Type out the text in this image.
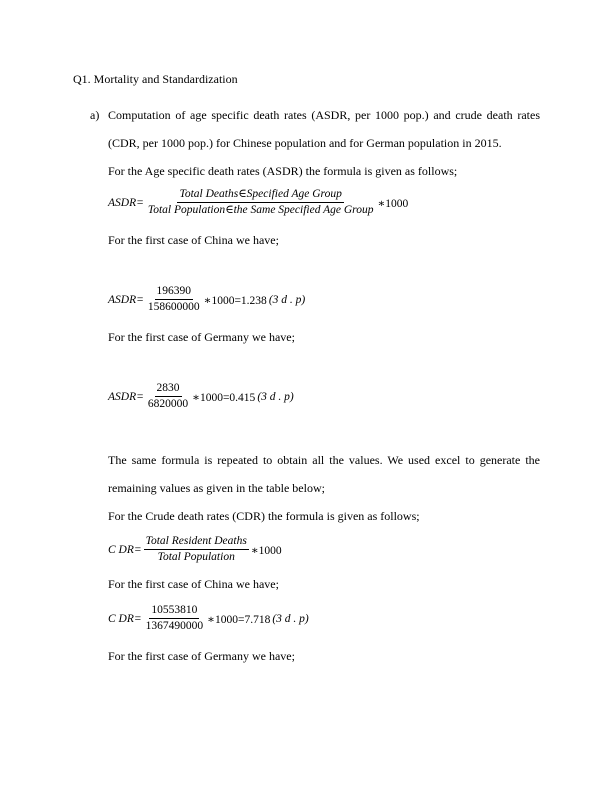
Q1. Mortality and Standardization
a) Computation of age specific death rates (ASDR, per 1000 pop.) and crude death rates
(CDR, per 1000 pop.) for Chinese population and for German population in 2015.
For the Age specific death rates (ASDR) the formula is given as follows;
ASDR= $\frac{\text{Total Deaths∈Specified Age Group}}{\text{Total Population∈the Same Specified Age Group}}$ ∗1000
For the first case of China we have;
ASDR= $\frac{196390}{158600000}$ ∗1000=1.238 (3 d . p)
For the first case of Germany we have;
ASDR= $\frac{2830}{6820000}$ ∗1000=0.415 (3 d . p)
The same formula is repeated to obtain all the values. We used excel to generate the
remaining values as given in the table below;
For the Crude death rates (CDR) the formula is given as follows;
C $DR= \frac{\text{Total Resident Deaths}}{\text{Total Population}}$ ∗1000
For the first case of China we have;
C $DR= \frac{10553810}{1367490000}$ ∗1000=7.718 (3 d . p)
For the first case of Germany we have;
